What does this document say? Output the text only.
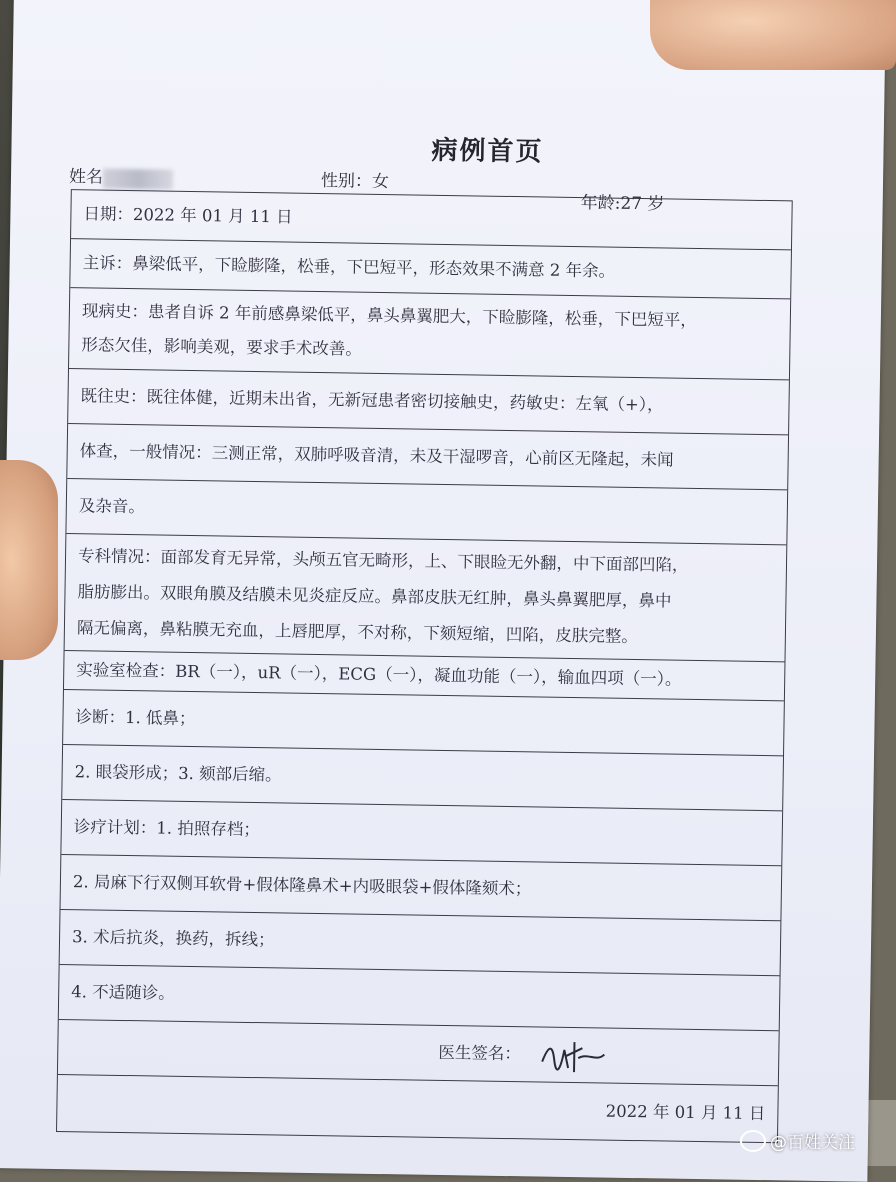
病例首页
姓名	性别：女
年龄:27 岁
日期：2022 年 01 月 11 日
主诉：鼻梁低平，下睑膨隆，松垂，下巴短平，形态效果不满意 2 年余。
现病史：患者自诉 2 年前感鼻梁低平，鼻头鼻翼肥大，下睑膨隆，松垂，下巴短平，
形态欠佳，影响美观，要求手术改善。
既往史：既往体健，近期未出省，无新冠患者密切接触史，药敏史：左氧（+），
体查，一般情况：三测正常，双肺呼吸音清，未及干湿啰音，心前区无隆起，未闻
及杂音。
专科情况：面部发育无异常，头颅五官无畸形，上、下眼睑无外翻，中下面部凹陷，
脂肪膨出。双眼角膜及结膜未见炎症反应。鼻部皮肤无红肿，鼻头鼻翼肥厚，鼻中
隔无偏离，鼻粘膜无充血，上唇肥厚，不对称，下颏短缩，凹陷，皮肤完整。
实验室检查：BR（一），uR（一），ECG（一），凝血功能（一），输血四项（一）。
诊断：1. 低鼻；
2. 眼袋形成；3. 颏部后缩。
诊疗计划：1. 拍照存档；
2. 局麻下行双侧耳软骨+假体隆鼻术+内吸眼袋+假体隆颏术；
3. 术后抗炎，换药，拆线；
4. 不适随诊。
医生签名：
2022 年 01 月 11 日
@百姓关注
